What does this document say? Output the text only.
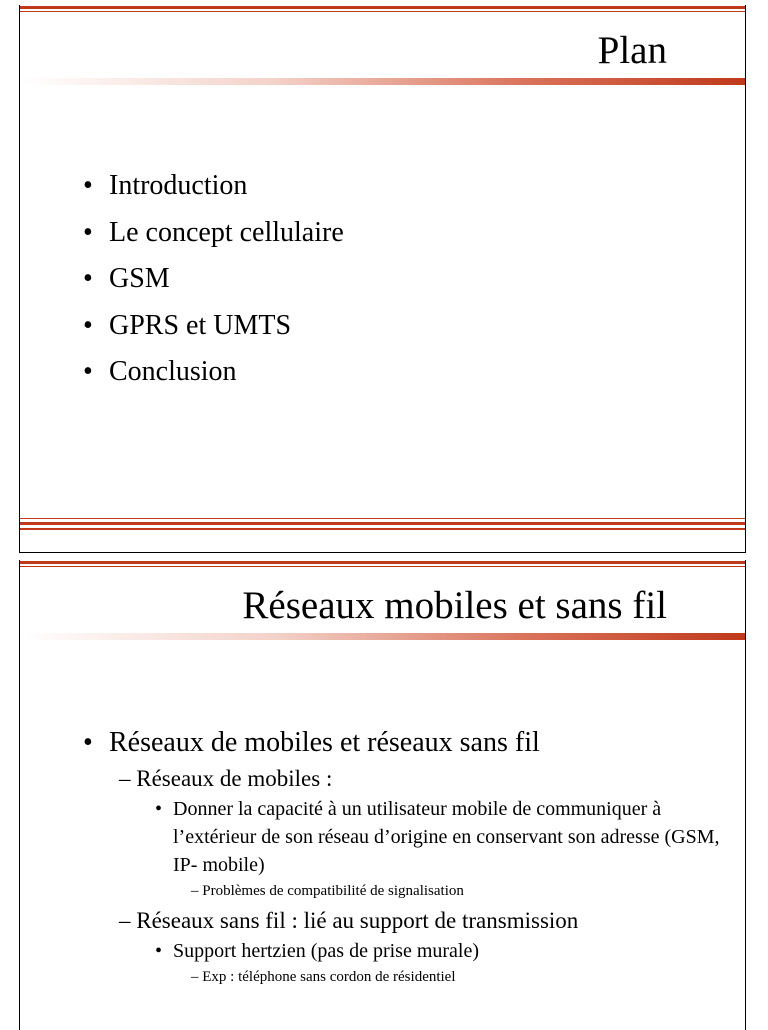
Plan
• Introduction
• Le concept cellulaire
• GSM
• GPRS et UMTS
• Conclusion
Réseaux mobiles et sans fil
• Réseaux de mobiles et réseaux sans fil
– Réseaux de mobiles :
• Donner la capacité à un utilisateur mobile de communiquer à l’extérieur de son réseau d’origine en conservant son adresse (GSM, IP- mobile)
– Problèmes de compatibilité de signalisation
– Réseaux sans fil : lié au support de transmission
• Support hertzien (pas de prise murale)
– Exp : téléphone sans cordon de résidentiel
